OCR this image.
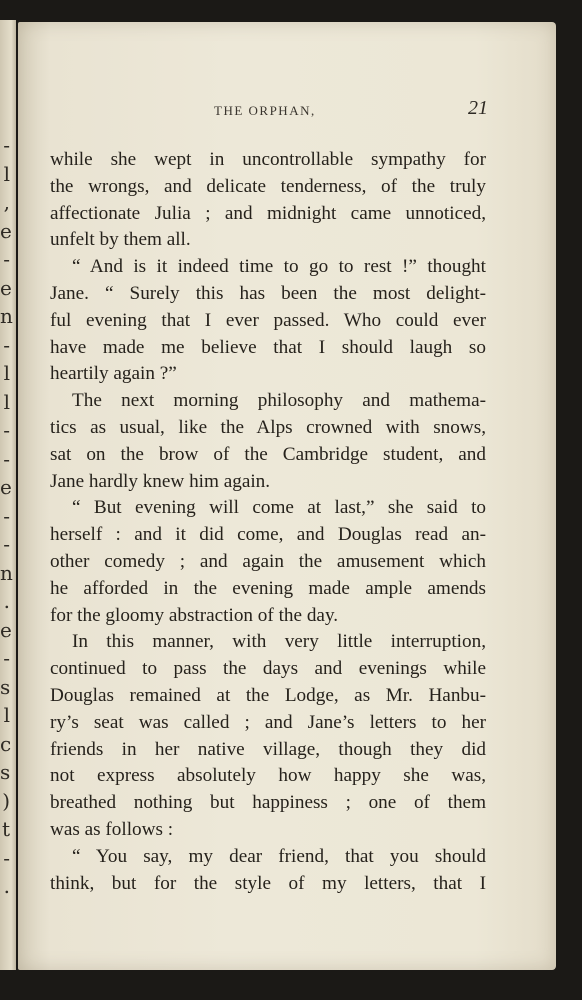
-
l
,
e
-
e
n
-
l
l
-
-
e
-
-
n
.
e
-
s
l
c
s
)
t
-
.
THE ORPHAN,	21
while she wept in uncontrollable sympathy for
the wrongs, and delicate tenderness, of the truly
affectionate Julia ; and midnight came unnoticed,
unfelt by them all.
“ And is it indeed time to go to rest !” thought
Jane. “ Surely this has been the most delight-
ful evening that I ever passed. Who could ever
have made me believe that I should laugh so
heartily again ?”
The next morning philosophy and mathema-
tics as usual, like the Alps crowned with snows,
sat on the brow of the Cambridge student, and
Jane hardly knew him again.
“ But evening will come at last,” she said to
herself : and it did come, and Douglas read an-
other comedy ; and again the amusement which
he afforded in the evening made ample amends
for the gloomy abstraction of the day.
In this manner, with very little interruption,
continued to pass the days and evenings while
Douglas remained at the Lodge, as Mr. Hanbu-
ry’s seat was called ; and Jane’s letters to her
friends in her native village, though they did
not express absolutely how happy she was,
breathed nothing but happiness ; one of them
was as follows :
“ You say, my dear friend, that you should
think, but for the style of my letters, that I
